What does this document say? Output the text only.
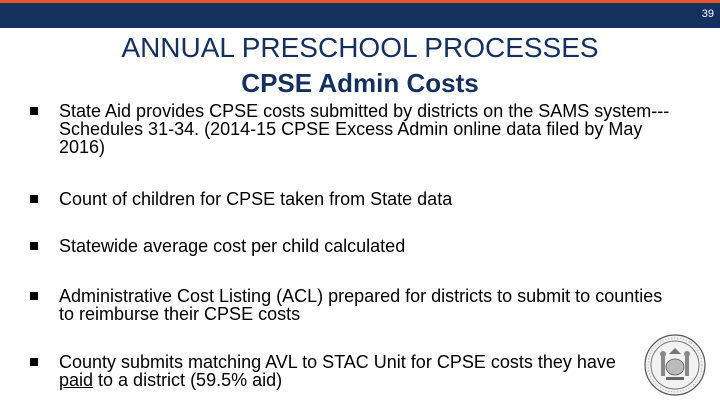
39
ANNUAL PRESCHOOL PROCESSES
CPSE Admin Costs
State Aid provides CPSE costs submitted by districts on the SAMS system---Schedules 31-34. (2014-15 CPSE Excess Admin online data filed by May 2016)
Count of children for CPSE taken from State data
Statewide average cost per child calculated
Administrative Cost Listing (ACL) prepared for districts to submit to counties to reimburse their CPSE costs
County submits matching AVL to STAC Unit for CPSE costs they have paid to a district (59.5% aid)
